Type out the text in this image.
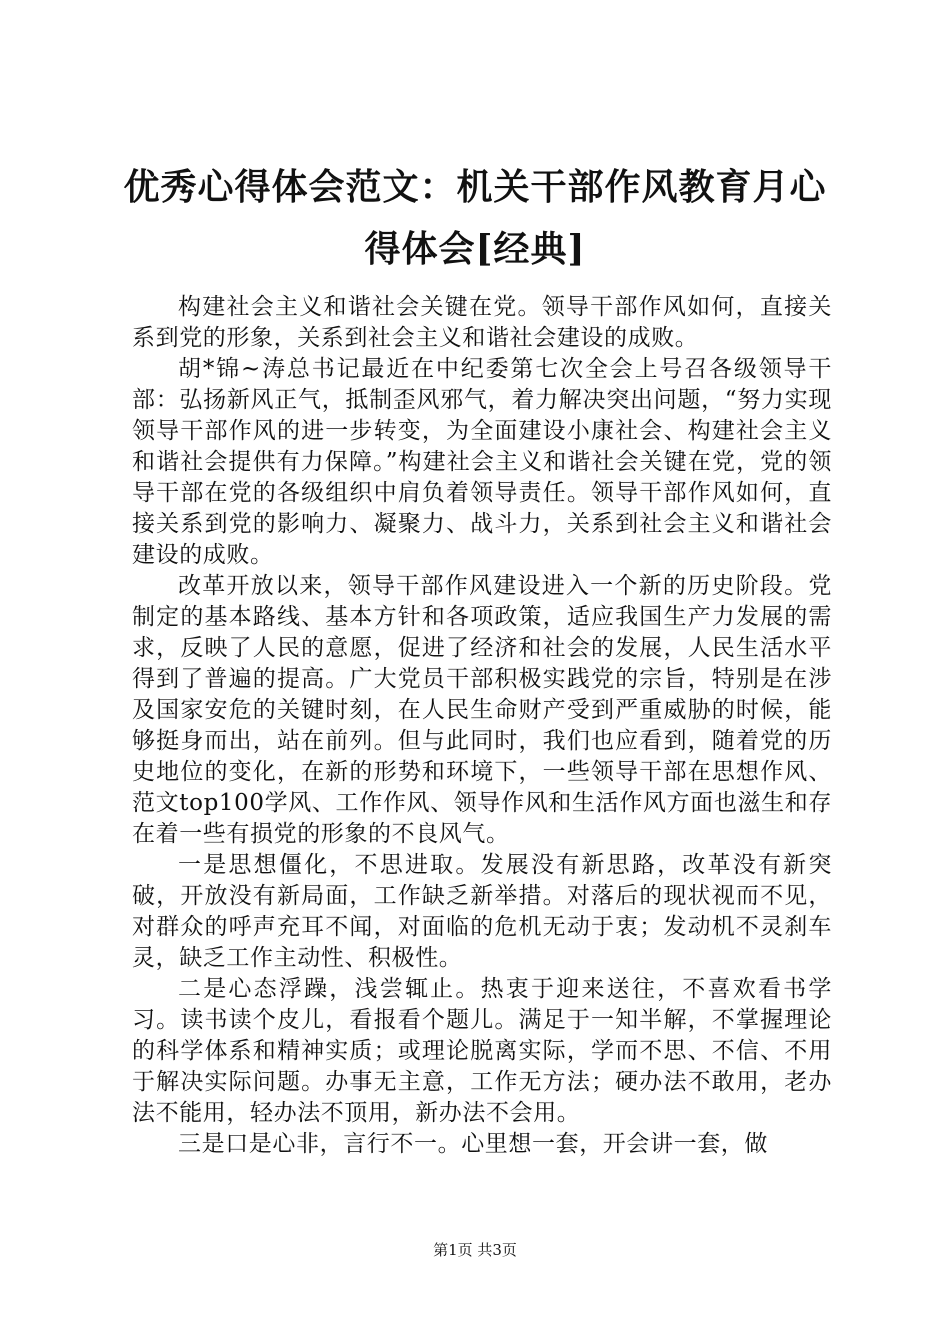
优秀心得体会范文：机关干部作风教育月心得体会[经典]

构建社会主义和谐社会关键在党。领导干部作风如何，直接关系到党的形象，关系到社会主义和谐社会建设的成败。

胡*锦~涛总书记最近在中纪委第七次全会上号召各级领导干部：弘扬新风正气，抵制歪风邪气，着力解决突出问题，“努力实现领导干部作风的进一步转变，为全面建设小康社会、构建社会主义和谐社会提供有力保障。”构建社会主义和谐社会关键在党，党的领导干部在党的各级组织中肩负着领导责任。领导干部作风如何，直接关系到党的影响力、凝聚力、战斗力，关系到社会主义和谐社会建设的成败。

改革开放以来，领导干部作风建设进入一个新的历史阶段。党制定的基本路线、基本方针和各项政策，适应我国生产力发展的需求，反映了人民的意愿，促进了经济和社会的发展，人民生活水平得到了普遍的提高。广大党员干部积极实践党的宗旨，特别是在涉及国家安危的关键时刻，在人民生命财产受到严重威胁的时候，能够挺身而出，站在前列。但与此同时，我们也应看到，随着党的历史地位的变化，在新的形势和环境下，一些领导干部在思想作风、范文top100学风、工作作风、领导作风和生活作风方面也滋生和存在着一些有损党的形象的不良风气。

一是思想僵化，不思进取。发展没有新思路，改革没有新突破，开放没有新局面，工作缺乏新举措。对落后的现状视而不见，对群众的呼声充耳不闻，对面临的危机无动于衷；发动机不灵刹车灵，缺乏工作主动性、积极性。

二是心态浮躁，浅尝辄止。热衷于迎来送往，不喜欢看书学习。读书读个皮儿，看报看个题儿。满足于一知半解，不掌握理论的科学体系和精神实质；或理论脱离实际，学而不思、不信、不用于解决实际问题。办事无主意，工作无方法；硬办法不敢用，老办法不能用，轻办法不顶用，新办法不会用。

三是口是心非，言行不一。心里想一套，开会讲一套，做

第1页 共3页
